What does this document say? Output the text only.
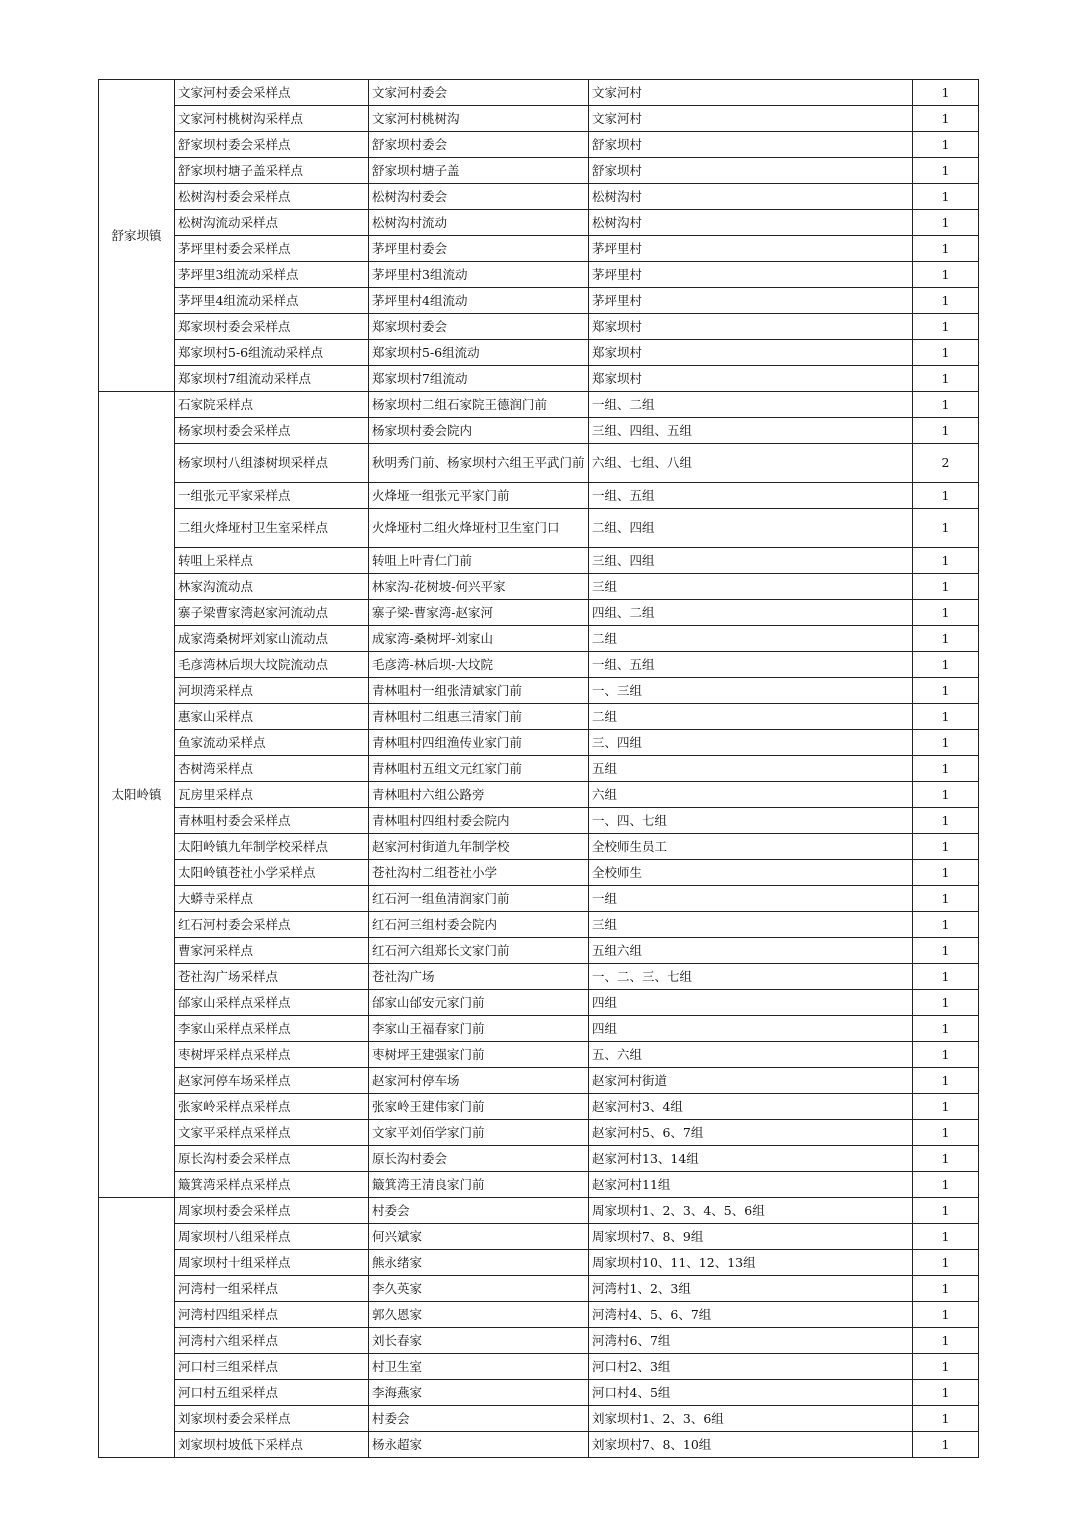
舒家坝镇	文家河村委会采样点	文家河村委会	文家河村	1
	文家河村桃树沟采样点	文家河村桃树沟	文家河村	1
	舒家坝村委会采样点	舒家坝村委会	舒家坝村	1
	舒家坝村塘子盖采样点	舒家坝村塘子盖	舒家坝村	1
	松树沟村委会采样点	松树沟村委会	松树沟村	1
	松树沟流动采样点	松树沟村流动	松树沟村	1
	茅坪里村委会采样点	茅坪里村委会	茅坪里村	1
	茅坪里3组流动采样点	茅坪里村3组流动	茅坪里村	1
	茅坪里4组流动采样点	茅坪里村4组流动	茅坪里村	1
	郑家坝村委会采样点	郑家坝村委会	郑家坝村	1
	郑家坝村5-6组流动采样点	郑家坝村5-6组流动	郑家坝村	1
	郑家坝村7组流动采样点	郑家坝村7组流动	郑家坝村	1
太阳岭镇	石家院采样点	杨家坝村二组石家院王德润门前	一组、二组	1
	杨家坝村委会采样点	杨家坝村委会院内	三组、四组、五组	1
	杨家坝村八组漆树坝采样点	秋明秀门前、杨家坝村六组王平武门前	六组、七组、八组	2
	一组张元平家采样点	火烽垭一组张元平家门前	一组、五组	1
	二组火烽垭村卫生室采样点	火烽垭村二组火烽垭村卫生室门口	二组、四组	1
	转咀上采样点	转咀上叶青仁门前	三组、四组	1
	林家沟流动点	林家沟-花树坡-何兴平家	三组	1
	寨子梁曹家湾赵家河流动点	寨子梁-曹家湾-赵家河	四组、二组	1
	成家湾桑树坪刘家山流动点	成家湾-桑树坪-刘家山	二组	1
	毛彦湾林后坝大坟院流动点	毛彦湾-林后坝-大坟院	一组、五组	1
	河坝湾采样点	青林咀村一组张清斌家门前	一、三组	1
	惠家山采样点	青林咀村二组惠三清家门前	二组	1
	鱼家流动采样点	青林咀村四组渔传业家门前	三、四组	1
	杏树湾采样点	青林咀村五组文元红家门前	五组	1
	瓦房里采样点	青林咀村六组公路旁	六组	1
	青林咀村委会采样点	青林咀村四组村委会院内	一、四、七组	1
	太阳岭镇九年制学校采样点	赵家河村街道九年制学校	全校师生员工	1
	太阳岭镇苍社小学采样点	苍社沟村二组苍社小学	全校师生	1
	大蟒寺采样点	红石河一组鱼清润家门前	一组	1
	红石河村委会采样点	红石河三组村委会院内	三组	1
	曹家河采样点	红石河六组郑长文家门前	五组六组	1
	苍社沟广场采样点	苍社沟广场	一、二、三、七组	1
	邰家山采样点采样点	邰家山邰安元家门前	四组	1
	李家山采样点采样点	李家山王福春家门前	四组	1
	枣树坪采样点采样点	枣树坪王建强家门前	五、六组	1
	赵家河停车场采样点	赵家河村停车场	赵家河村街道	1
	张家岭采样点采样点	张家岭王建伟家门前	赵家河村3、4组	1
	文家平采样点采样点	文家平刘佰学家门前	赵家河村5、6、7组	1
	原长沟村委会采样点	原长沟村委会	赵家河村13、14组	1
	簸箕湾采样点采样点	簸箕湾王清良家门前	赵家河村11组	1
	周家坝村委会采样点	村委会	周家坝村1、2、3、4、5、6组	1
	周家坝村八组采样点	何兴斌家	周家坝村7、8、9组	1
	周家坝村十组采样点	熊永绪家	周家坝村10、11、12、13组	1
	河湾村一组采样点	李久英家	河湾村1、2、3组	1
	河湾村四组采样点	郭久恩家	河湾村4、5、6、7组	1
	河湾村六组采样点	刘长春家	河湾村6、7组	1
	河口村三组采样点	村卫生室	河口村2、3组	1
	河口村五组采样点	李海燕家	河口村4、5组	1
	刘家坝村委会采样点	村委会	刘家坝村1、2、3、6组	1
	刘家坝村坡低下采样点	杨永超家	刘家坝村7、8、10组	1
